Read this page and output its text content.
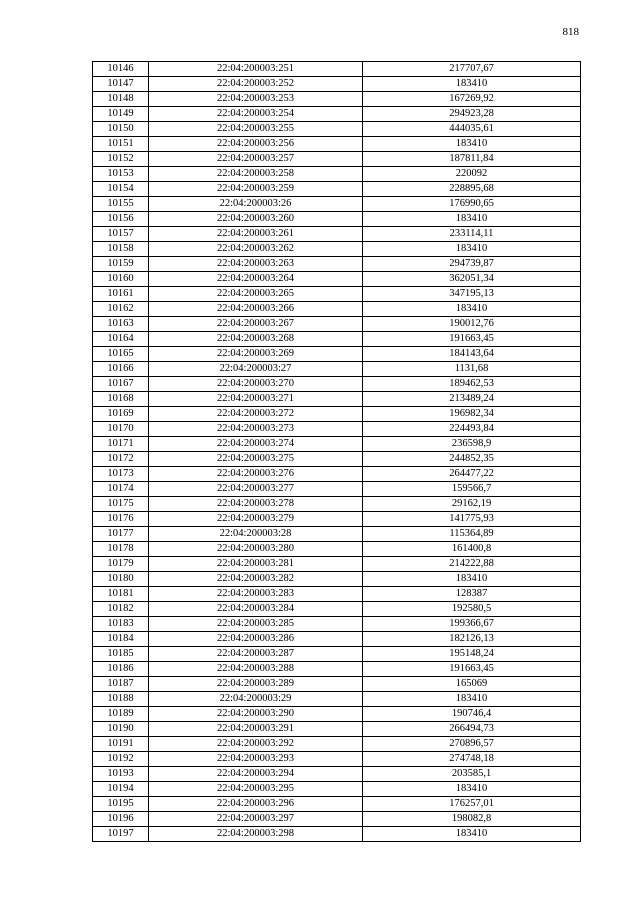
818
10146	22:04:200003:251	217707,67
10147	22:04:200003:252	183410
10148	22:04:200003:253	167269,92
10149	22:04:200003:254	294923,28
10150	22:04:200003:255	444035,61
10151	22:04:200003:256	183410
10152	22:04:200003:257	187811,84
10153	22:04:200003:258	220092
10154	22:04:200003:259	228895,68
10155	22:04:200003:26	176990,65
10156	22:04:200003:260	183410
10157	22:04:200003:261	233114,11
10158	22:04:200003:262	183410
10159	22:04:200003:263	294739,87
10160	22:04:200003:264	362051,34
10161	22:04:200003:265	347195,13
10162	22:04:200003:266	183410
10163	22:04:200003:267	190012,76
10164	22:04:200003:268	191663,45
10165	22:04:200003:269	184143,64
10166	22:04:200003:27	1131,68
10167	22:04:200003:270	189462,53
10168	22:04:200003:271	213489,24
10169	22:04:200003:272	196982,34
10170	22:04:200003:273	224493,84
10171	22:04:200003:274	236598,9
10172	22:04:200003:275	244852,35
10173	22:04:200003:276	264477,22
10174	22:04:200003:277	159566,7
10175	22:04:200003:278	29162,19
10176	22:04:200003:279	141775,93
10177	22:04:200003:28	115364,89
10178	22:04:200003:280	161400,8
10179	22:04:200003:281	214222,88
10180	22:04:200003:282	183410
10181	22:04:200003:283	128387
10182	22:04:200003:284	192580,5
10183	22:04:200003:285	199366,67
10184	22:04:200003:286	182126,13
10185	22:04:200003:287	195148,24
10186	22:04:200003:288	191663,45
10187	22:04:200003:289	165069
10188	22:04:200003:29	183410
10189	22:04:200003:290	190746,4
10190	22:04:200003:291	266494,73
10191	22:04:200003:292	270896,57
10192	22:04:200003:293	274748,18
10193	22:04:200003:294	203585,1
10194	22:04:200003:295	183410
10195	22:04:200003:296	176257,01
10196	22:04:200003:297	198082,8
10197	22:04:200003:298	183410
